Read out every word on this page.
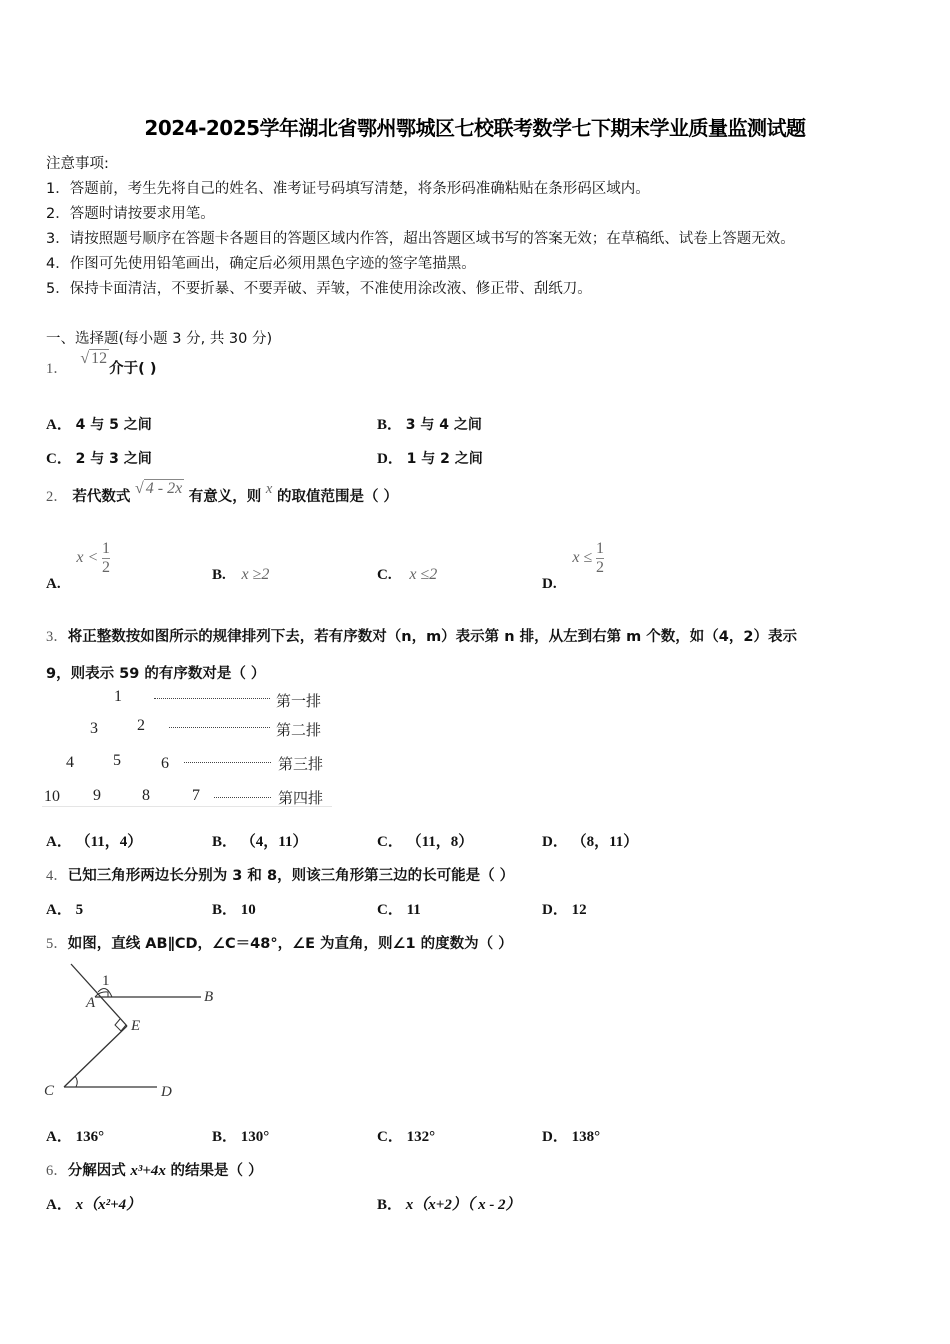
2024-2025学年湖北省鄂州鄂城区七校联考数学七下期末学业质量监测试题
注意事项:
1．答题前，考生先将自己的姓名、准考证号码填写清楚，将条形码准确粘贴在条形码区域内。
2．答题时请按要求用笔。
3．请按照题号顺序在答题卡各题目的答题区域内作答，超出答题区域书写的答案无效；在草稿纸、试卷上答题无效。
4．作图可先使用铅笔画出，确定后必须用黑色字迹的签字笔描黑。
5．保持卡面清洁，不要折暴、不要弄破、弄皱，不准使用涂改液、修正带、刮纸刀。
一、选择题(每小题 3 分, 共 30 分)
1． √ 12介于( )
A． 4 与 5 之间	B． 3 与 4 之间
C． 2 与 3 之间	D． 1 与 2 之间
2． 若代数式 √ 4 - 2x 有意义，则 x 的取值范围是（ ）
A. $x < \frac{1}{2}$	B. x ≥2	C. x ≤2
D. $x \le \frac{1}{2}$
3．将正整数按如图所示的规律排列下去，若有序数对（n，m）表示第 n 排，从左到右第 m 个数，如（4，2）表示
9，则表示 59 的有序数对是（ ）
1	第一排
3 2	第二排
4 5	6	第三排
10 9	8	7	第四排
A． （11，4）	B． （4，11）	C． （11，8）	D． （8，11）
4．已知三角形两边长分别为 3 和 8，则该三角形第三边的长可能是（ ）
A． 5	B． 10	C． 11	D． 12
5．如图，直线 AB∥CD，∠C＝48°，∠E 为直角，则∠1 的度数为（ ）
1
A	B
E
C	D
A． 136°	B． 130°	C． 132°	D． 138°
6．分解因式 x³+4x 的结果是（ ）
A． x（x²+4）	B． x（x+2）（ x - 2）
